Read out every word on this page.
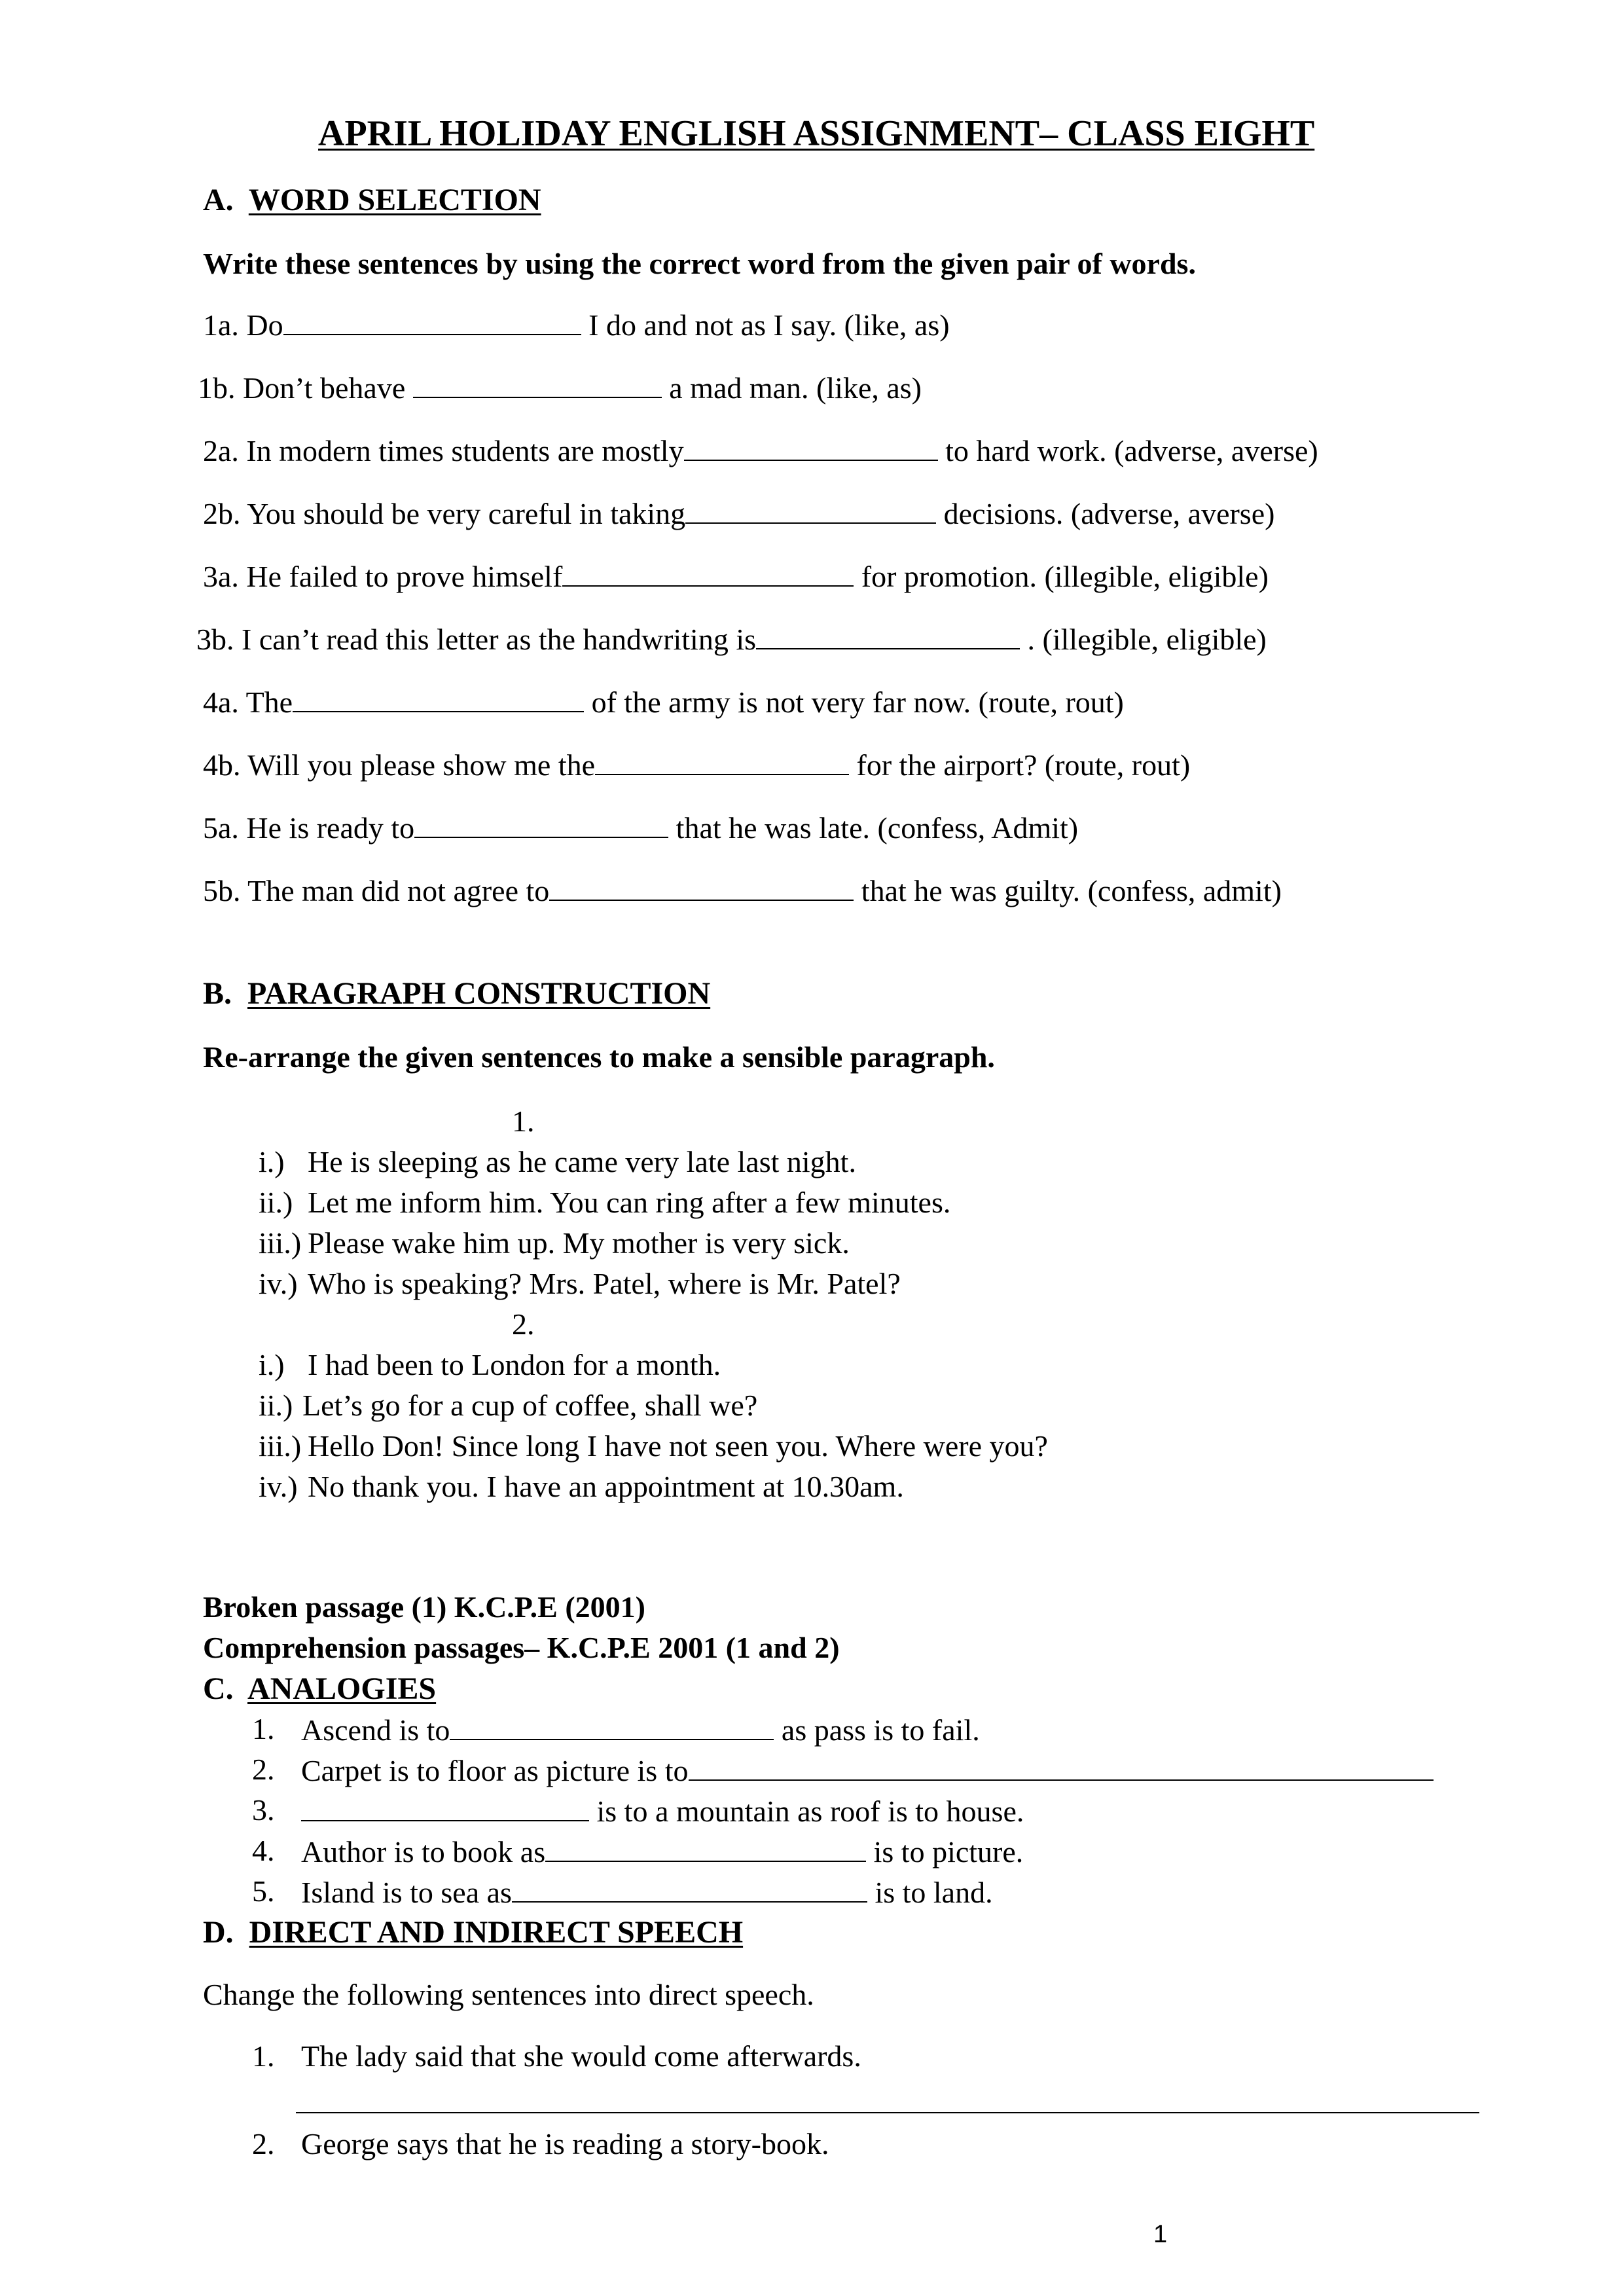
APRIL HOLIDAY ENGLISH ASSIGNMENT– CLASS EIGHT
A. WORD SELECTION
Write these sentences by using the correct word from the given pair of words.
1a. Do	I do and not as I say. (like, as)
1b. Don’t behave	a mad man. (like, as)
2a. In modern times students are mostly	to hard work. (adverse, averse)
2b. You should be very careful in taking	decisions. (adverse, averse)
3a. He failed to prove himself	for promotion. (illegible, eligible)
3b. I can’t read this letter as the handwriting is	. (illegible, eligible)
4a. The	of the army is not very far now. (route, rout)
4b. Will you please show me the	for the airport? (route, rout)
5a. He is ready to	that he was late. (confess, Admit)
5b. The man did not agree to	that he was guilty. (confess, admit)
B. PARAGRAPH CONSTRUCTION
Re-arrange the given sentences to make a sensible paragraph.
1.
i.) He is sleeping as he came very late last night.
ii.) Let me inform him. You can ring after a few minutes.
iii.) Please wake him up. My mother is very sick.
iv.) Who is speaking? Mrs. Patel, where is Mr. Patel?
2.
i.) I had been to London for a month.
ii.) Let’s go for a cup of coffee, shall we?
iii.) Hello Don! Since long I have not seen you. Where were you?
iv.) No thank you. I have an appointment at 10.30am.
Broken passage (1) K.C.P.E (2001)
Comprehension passages– K.C.P.E 2001 (1 and 2)
C. ANALOGIES
1. Ascend is to	as pass is to fail.
2. Carpet is to floor as picture is to
3.	is to a mountain as roof is to house.
4. Author is to book as	is to picture.
5. Island is to sea as	is to land.
D. DIRECT AND INDIRECT SPEECH
Change the following sentences into direct speech.
1. The lady said that she would come afterwards.
2. George says that he is reading a story-book.
1
